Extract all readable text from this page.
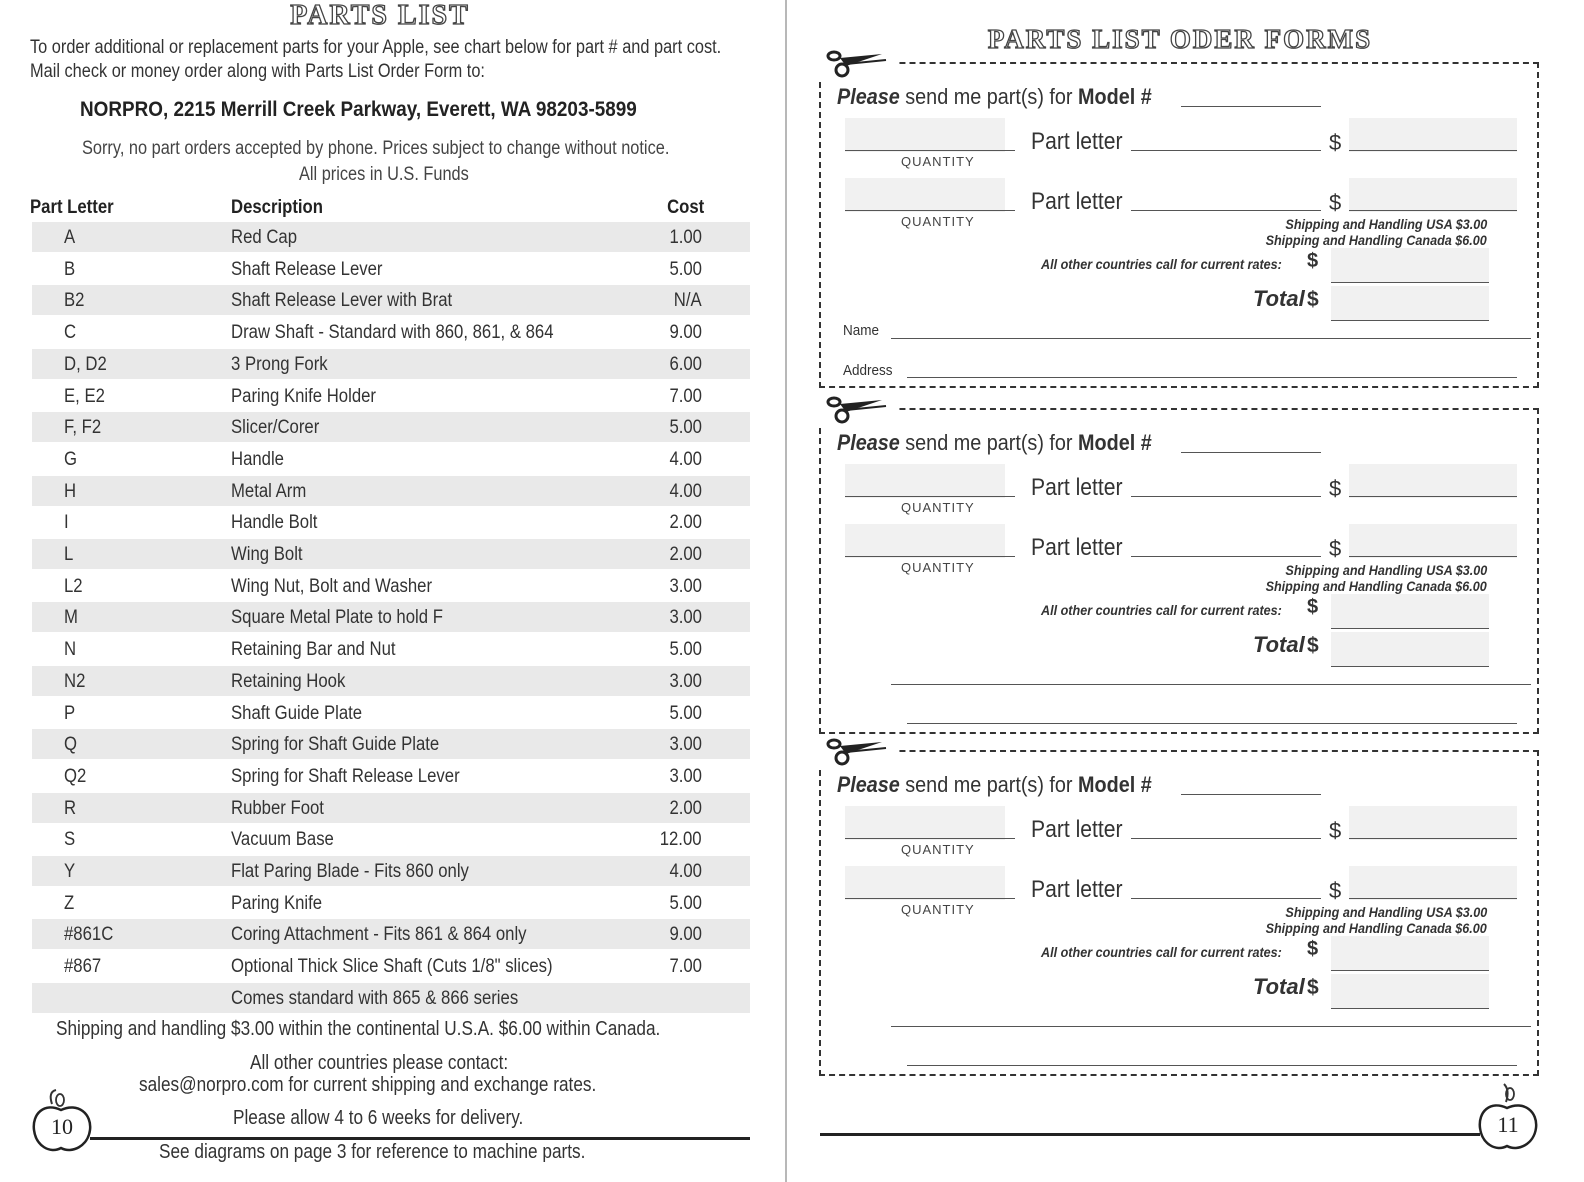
PARTS LIST
To order additional or replacement parts for your Apple, see chart below for part # and part cost.
Mail check or money order along with Parts List Order Form to:
NORPRO, 2215 Merrill Creek Parkway, Everett, WA 98203-5899
Sorry, no part orders accepted by phone. Prices subject to change without notice.
All prices in U.S. Funds
Part Letter	Description	Cost
A	Red Cap	1.00
B	Shaft Release Lever	5.00
B2	Shaft Release Lever with Brat	N/A
C	Draw Shaft - Standard with 860, 861, & 864	9.00
D, D2	3 Prong Fork	6.00
E, E2	Paring Knife Holder	7.00
F, F2	Slicer/Corer	5.00
G	Handle	4.00
H	Metal Arm	4.00
I	Handle Bolt	2.00
L	Wing Bolt	2.00
L2	Wing Nut, Bolt and Washer	3.00
M	Square Metal Plate to hold F	3.00
N	Retaining Bar and Nut	5.00
N2	Retaining Hook	3.00
P	Shaft Guide Plate	5.00
Q	Spring for Shaft Guide Plate	3.00
Q2	Spring for Shaft Release Lever	3.00
R	Rubber Foot	2.00
S	Vacuum Base	12.00
Y	Flat Paring Blade - Fits 860 only	4.00
Z	Paring Knife	5.00
#861C	Coring Attachment - Fits 861 & 864 only	9.00
#867	Optional Thick Slice Shaft (Cuts 1/8" slices)	7.00
Comes standard with 865 & 866 series
Shipping and handling $3.00 within the continental U.S.A. $6.00 within Canada.
All other countries please contact:
sales@norpro.com for current shipping and exchange rates.
Please allow 4 to 6 weeks for delivery.
See diagrams on page 3 for reference to machine parts.
10
PARTS LIST ODER FORMS
Please send me part(s) for Model #
QUANTITY
Part letter	$
QUANTITY
Part letter	$
Shipping and Handling USA $3.00
Shipping and Handling Canada $6.00
All other countries call for current rates: $
Total $
Name
Address
Please send me part(s) for Model #
QUANTITY
Part letter	$
QUANTITY
Part letter	$
Shipping and Handling USA $3.00
Shipping and Handling Canada $6.00
All other countries call for current rates: $
Total $
Please send me part(s) for Model #
QUANTITY
Part letter	$
QUANTITY
Part letter	$
Shipping and Handling USA $3.00
Shipping and Handling Canada $6.00
All other countries call for current rates: $
Total $
11
